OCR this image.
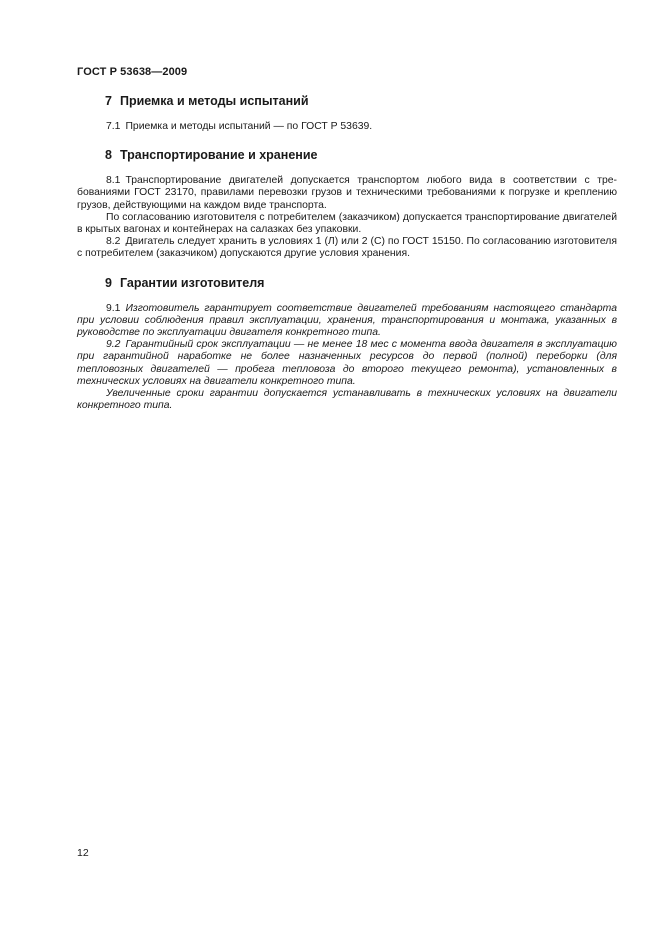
ГОСТ Р 53638—2009
7 Приемка и методы испытаний

7.1 Приемка и методы испытаний — по ГОСТ Р 53639.

8 Транспортирование и хранение

8.1 Транспортирование двигателей допускается транспортом любого вида в соответствии с требованиями ГОСТ 23170, правилами перевозки грузов и техническими требованиями к погрузке и креплению грузов, действующими на каждом виде транспорта.

По согласованию изготовителя с потребителем (заказчиком) допускается транспортирование двигателей в крытых вагонах и контейнерах на салазках без упаковки.

8.2 Двигатель следует хранить в условиях 1 (Л) или 2 (С) по ГОСТ 15150. По согласованию изготовителя с потребителем (заказчиком) допускаются другие условия хранения.

9 Гарантии изготовителя

9.1 Изготовитель гарантирует соответствие двигателей требованиям настоящего стандарта при условии соблюдения правил эксплуатации, хранения, транспортирования и монтажа, указанных в руководстве по эксплуатации двигателя конкретного типа.

9.2 Гарантийный срок эксплуатации — не менее 18 мес с момента ввода двигателя в эксплуатацию при гарантийной наработке не более назначенных ресурсов до первой (полной) переборки (для тепловозных двигателей — пробега тепловоза до второго текущего ремонта), установленных в технических условиях на двигатели конкретного типа.

Увеличенные сроки гарантии допускается устанавливать в технических условиях на двигатели конкретного типа.

12
